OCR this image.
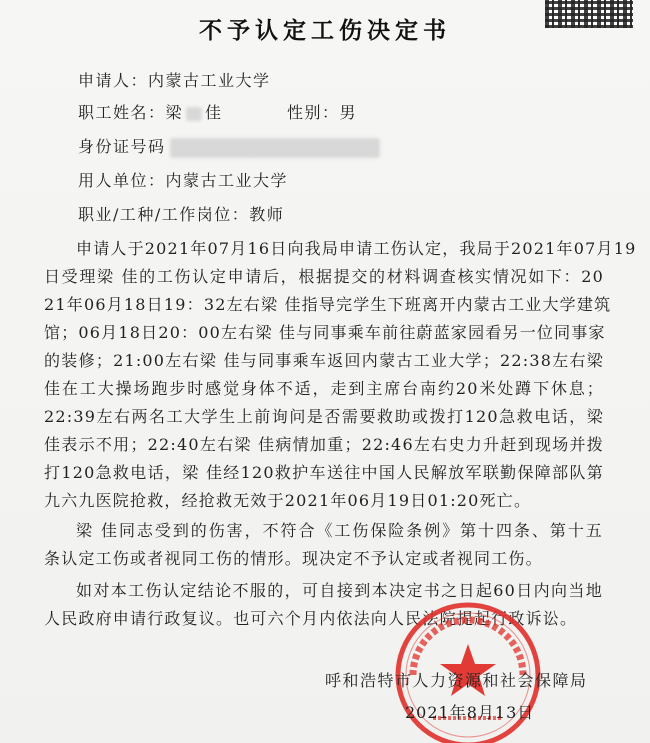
不予认定工伤决定书
申请人：内蒙古工业大学
职工姓名：梁 佳	性别：男
身份证号码
用人单位：内蒙古工业大学
职业/工种/工作岗位：教师
申请人于2021年07月16日向我局申请工伤认定，我局于2021年07月19
日受理梁 佳的工伤认定申请后，根据提交的材料调查核实情况如下：20
21年06月18日19：32左右梁 佳指导完学生下班离开内蒙古工业大学建筑
馆；06月18日20：00左右梁 佳与同事乘车前往蔚蓝家园看另一位同事家
的装修；21:00左右梁 佳与同事乘车返回内蒙古工业大学；22:38左右梁
佳在工大操场跑步时感觉身体不适，走到主席台南约20米处蹲下休息；
22:39左右两名工大学生上前询问是否需要救助或拨打120急救电话，梁
佳表示不用；22:40左右梁 佳病情加重；22:46左右史力升赶到现场并拨
打120急救电话，梁 佳经120救护车送往中国人民解放军联勤保障部队第
九六九医院抢救，经抢救无效于2021年06月19日01:20死亡。
梁 佳同志受到的伤害，不符合《工伤保险条例》第十四条、第十五
条认定工伤或者视同工伤的情形。现决定不予认定或者视同工伤。
如对本工伤认定结论不服的，可自接到本决定书之日起60日内向当地
人民政府申请行政复议。也可六个月内依法向人民法院提起行政诉讼。
呼和浩特市人力资源和社会保障局
2021年8月13日
